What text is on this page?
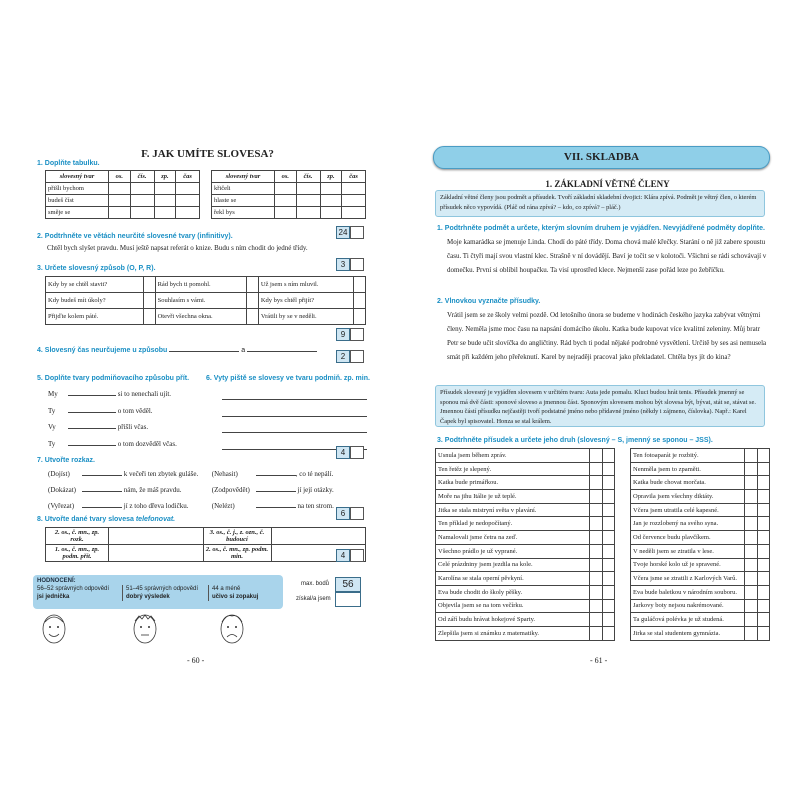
F. JAK UMÍTE SLOVESA?
1. Doplňte tabulku.
slovesný tvar	os.	čís.	zp.	čas
přišli bychom				
budeš číst				
směje se				
slovesný tvar	os.	čís.	zp.	čas
křičeli				
hlaste se				
řekl bys				
24
2. Podtrhněte ve větách neurčité slovesné tvary (infinitivy).
Chtěl bych slyšet pravdu. Musí ještě napsat referát o knize. Budu s ním chodit do jedné třídy.
3
3. Určete slovesný způsob (O, P, R).
Kdy by se chtěl stavit?		Rád bych ti pomohl.		Už jsem s ním mluvil.	
Kdy budeš mít úkoly?		Souhlasím s vámi.		Kdy bys chtěl přijít?	
Přijďte kolem páté.		Otevři všechna okna.		Vrátili by se v neděli.	
9
4. Slovesný čas neurčujeme u způsobu	a
2
5. Doplňte tvary podmiňovacího způsobu přít. 6. Vyty piště se slovesy ve tvaru podmiň. zp. min.
My	si to nenechali ujít.
Ty	o tom věděl.
Vy	přišli včas.
Ty	o tom dozvěděl včas.
4
7. Utvořte rozkaz.
(Dojíst)	k večeři ten zbytek guláše. (Nehasit)	, co té nepálí.
(Dokázat)	nám, že máš pravdu.	(Zodpovědět)	jí její otázky.
(Vyřezat)	jí z toho dřeva lodičku.	(Nelézt)	na ten strom.
6
8. Utvořte dané tvary slovesa telefonovat.
2. os., č. mn., zp. rozk.		3. os., č. j., z. ozn., č. budoucí	
1. os., č. mn., zp. podm. přít.		2. os., č. mn., zp. podm. min.		4
HODNOCENÍ:
56–52 správných odpovědí
jsi jednička
51–45 správných odpovědí
dobrý výsledek
44 a méně
učivo si zopakuj
max. bodů
získal/a jsem
56
- 60 -
VII. SKLADBA
1. ZÁKLADNÍ VĚTNÉ ČLENY
Základní větné členy jsou podmět a přísudek. Tvoří základní skladební dvojici: Klára zpívá. Podmět je větný člen, o kterém přísudek něco vypovídá. (Pláč od rána zpívá? – kdo, co zpívá? – pláč.)
1. Podtrhněte podmět a určete, kterým slovním druhem je vyjádřen. Nevyjádřené podměty doplňte.
Moje kamarádka se jmenuje Linda. Chodí do páté třídy. Doma chová malé křečky. Starání o ně již zabere spoustu času. Ti čtyři mají svou vlastní klec. Strašně v ní dovádějí. Baví je točit se v kolotoči. Všichni se rádi schovávají v domečku. První si oblíbil houpačku. Ta visí uprostřed klece. Nejmenší zase pořád leze po žebříčku.
2. Vlnovkou vyznačte přísudky.
Vrátil jsem se ze školy velmi pozdě. Od letošního února se budeme v hodinách českého jazyka zabývat větnými členy. Neměla jsme moc času na napsání domácího úkolu. Katka bude kupovat více kvalitní zeleniny. Můj bratr Petr se bude učit slovíčka do angličtiny. Rád bych ti podal nějaké podrobné vysvětlení. Určitě by ses asi nemusela smát při každém jeho přeřeknutí. Karel by nejraději pracoval jako překladatel. Chtěla bys jít do kina?
Přísudek slovesný je vyjádřen slovesem v určitém tvaru: Auta jede pomalu. Kluci budou hrát tenis. Přísudek jmenný se sponou má dvě části: sponové sloveso a jmennou část. Sponovým slovesem mohou být slovesa být, bývat, stát se, stávat se. Jmennou částí přísudku nejčastěji tvoří podstatné jméno nebo přídavné jméno (někdy i zájmeno, číslovka). Např.: Karel Čapek byl spisovatel. Honza se stal králem.
3. Podtrhněte přísudek a určete jeho druh (slovesný – S, jmenný se sponou – JSS).
Usnula jsem během zpráv.		
Ten řetěz je slepený.		
Katka bude primářkou.		
Moře na jihu Itálie je už teplé.		
Jitka se stala mistryní světa v plavání.		
Ten příklad je nedopočítaný.		
Namalovali jsme četra na zeď.		
Všechno prádlo je už vyprané.		
Celé prázdniny jsem jezdila na kole.		
Karolína se stala operní pěvkyní.		
Eva bude chodit do školy pěšky.		
Objevila jsem se na tom večírku.		
Od září budu hrávat hokejové Sparty.		
Zlepšila jsem si známku z matematiky.		
Ten fotoaparát je rozbitý.		
Nenměla jsem to zpaměti.		
Katka bude chovat morčata.		
Opravila jsem všechny diktáty.		
Včera jsem utratila celé kapesné.		
Jan je rozzlobený na svého syna.		
Od července budu plavčíkem.		
V neděli jsem se ztratila v lese.		
Tvoje horské kolo už je spravené.		
Včera jsme se ztratili z Karlových Varů.		
Eva bude baletkou v národním souboru.		
Jarkovy boty nejsou nakrémované.		
Ta guláčová polévka je už studená.		
Jirka se stal studentem gymnázia.		
- 61 -
